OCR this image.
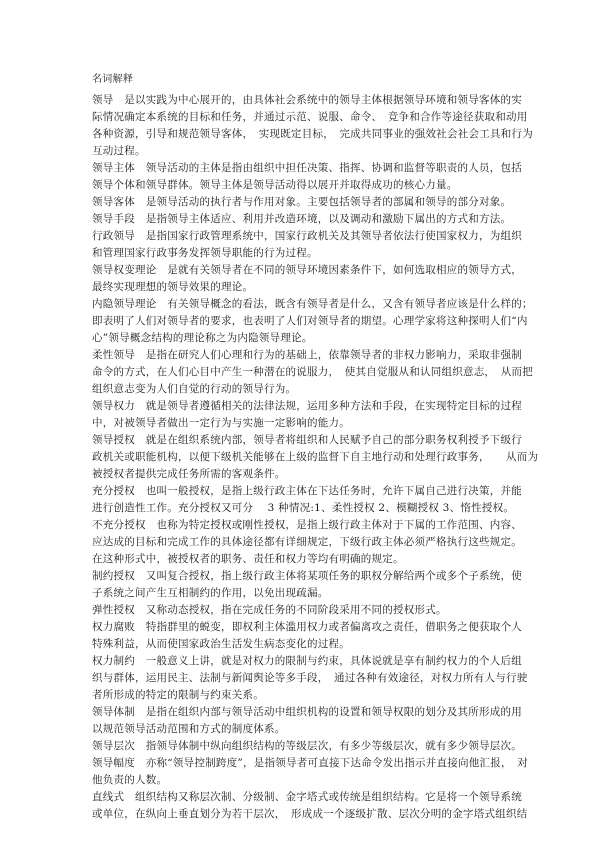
名词解释
领导　是以实践为中心展开的，由具体社会系统中的领导主体根据领导环境和领导客体的实
际情况确定本系统的目标和任务，并通过示范、说服、命令、　竞争和合作等途径获取和动用
各种资源，引导和规范领导客体，　实现既定目标，　完成共同事业的强效社会社会工具和行为
互动过程。
领导主体　领导活动的主体是指由组织中担任决策、指挥、协调和监督等职责的人员，包括
领导个体和领导群体。领导主体是领导活动得以展开并取得成功的核心力量。
领导客体　是领导活动的执行者与作用对象。主要包括领导者的部属和领导的部分对象。
领导手段　是指领导主体适应、利用并改造环境，以及调动和激励下属出的方式和方法。
行政领导　是指国家行政管理系统中，国家行政机关及其领导者依法行使国家权力，为组织
和管理国家行政事务发挥领导职能的行为过程。
领导权变理论　是就有关领导者在不同的领导环境因素条件下，如何选取相应的领导方式，
最终实现理想的领导效果的理论。
内隐领导理论　有关领导概念的看法，既含有领导者是什么，又含有领导者应该是什么样的；
即表明了人们对领导者的要求，也表明了人们对领导者的期望。心理学家将这种探明人们“内
心”领导概念结构的理论称之为内隐领导理论。
柔性领导　是指在研究人们心理和行为的基础上，依靠领导者的非权力影响力，采取非强制
命令的方式，在人们心目中产生一种潜在的说服力，　使其自觉服从和认同组织意志，　从而把
组织意志变为人们自觉的行动的领导行为。
领导权力　就是领导者遵循相关的法律法规，运用多种方法和手段，在实现特定目标的过程
中，对被领导者做出一定行为与实施一定影响的能力。
领导授权　就是在组织系统内部，领导者将组织和人民赋予自己的部分职务权利授予下级行
政机关或职能机构，以便下级机关能够在上级的监督下自主地行动和处理行政事务，　　从而为
被授权者提供完成任务所需的客观条件。
充分授权　也叫一般授权，是指上级行政主体在下达任务时，允许下属自己进行决策，并能
进行创造性工作。充分授权又可分　 3 种情况:1、柔性授权 2、模糊授权 3、惰性授权。
不充分授权　也称为特定授权或刚性授权，是指上级行政主体对于下属的工作范围、内容、
应达成的目标和完成工作的具体途径都有详细规定，下级行政主体必须严格执行这些规定。
在这种形式中，被授权者的职务、责任和权力等均有明确的规定。
制约授权　又叫复合授权，指上级行政主体将某项任务的职权分解给两个或多个子系统，使
子系统之间产生互相制约的作用，以免出现疏漏。
弹性授权　又称动态授权，指在完成任务的不同阶段采用不同的授权形式。
权力腐败　特指群里的蜕变，即权利主体滥用权力或者偏离攻之责任，借职务之便获取个人
特殊利益，从而使国家政治生活发生病态变化的过程。
权力制约　一般意义上讲，就是对权力的限制与约束，具体说就是享有制约权力的个人后组
织与群体，运用民主、法制与新闻舆论等多手段，　通过各种有效途径，对权力所有人与行驶
者所形成的特定的限制与约束关系。
领导体制　是指在组织内部与领导活动中组织机构的设置和领导权限的划分及其所形成的用
以规范领导活动范围和方式的制度体系。
领导层次　指领导体制中纵向组织结构的等级层次，有多少等级层次，就有多少领导层次。
领导幅度　亦称“领导控制跨度”，是指领导者可直接下达命令发出指示并直接向他汇报，　对
他负责的人数。
直线式　组织结构又称层次制、分级制、金字塔式或传统是组织结构。它是将一个领导系统
或单位，在纵向上垂直划分为若干层次，　形成成一个逐级扩散、层次分明的金字塔式组织结
